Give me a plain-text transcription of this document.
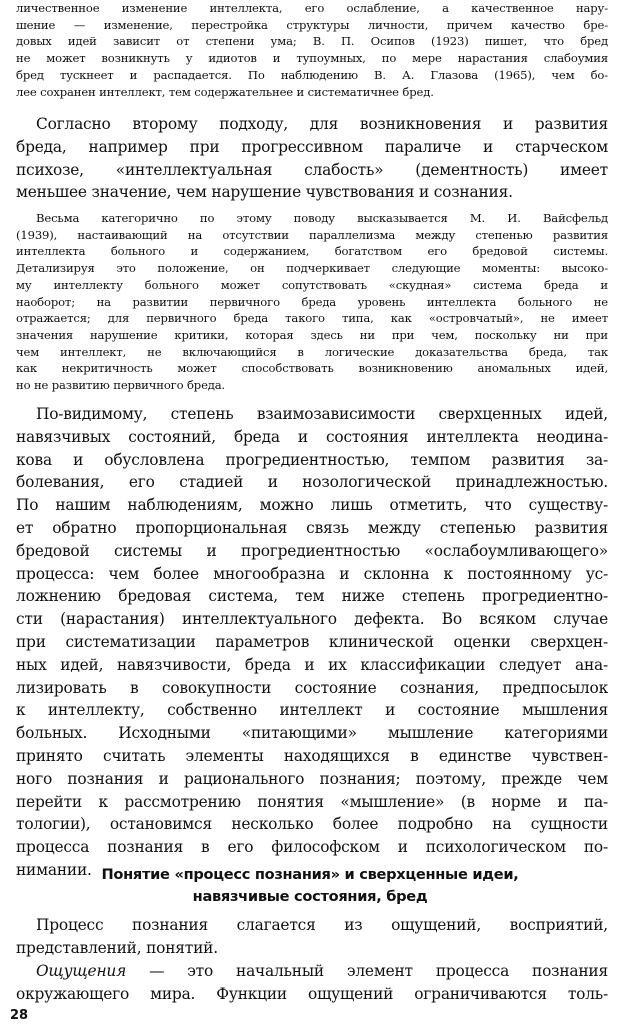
личественное изменение интеллекта, его ослабление, а качественное нару-
шение — изменение, перестройка структуры личности, причем качество бре-
довых идей зависит от степени ума; В. П. Осипов (1923) пишет, что бред
не может возникнуть у идиотов и тупоумных, по мере нарастания слабоумия
бред тускнеет и распадается. По наблюдению В. А. Глазова (1965), чем бо-
лее сохранен интеллект, тем содержательнее и систематичнее бред.
Согласно второму подходу, для возникновения и развития
бреда, например при прогрессивном параличе и старческом
психозе, «интеллектуальная слабость» (дементность) имеет
меньшее значение, чем нарушение чувствования и сознания.
Весьма категорично по этому поводу высказывается М. И. Вайсфельд
(1939), настаивающий на отсутствии параллелизма между степенью развития
интеллекта больного и содержанием, богатством его бредовой системы.
Детализируя это положение, он подчеркивает следующие моменты: высоко-
му интеллекту больного может сопутствовать «скудная» система бреда и
наоборот; на развитии первичного бреда уровень интеллекта больного не
отражается; для первичного бреда такого типа, как «островчатый», не имеет
значения нарушение критики, которая здесь ни при чем, поскольку ни при
чем интеллект, не включающийся в логические доказательства бреда, так
как некритичность может способствовать возникновению аномальных идей,
но не развитию первичного бреда.
По-видимому, степень взаимозависимости сверхценных идей,
навязчивых состояний, бреда и состояния интеллекта неодина-
кова и обусловлена прогредиентностью, темпом развития за-
болевания, его стадией и нозологической принадлежностью.
По нашим наблюдениям, можно лишь отметить, что существу-
ет обратно пропорциональная связь между степенью развития
бредовой системы и прогредиентностью «ослабоумливающего»
процесса: чем более многообразна и склонна к постоянному ус-
ложнению бредовая система, тем ниже степень прогредиентно-
сти (нарастания) интеллектуального дефекта. Во всяком случае
при систематизации параметров клинической оценки сверхцен-
ных идей, навязчивости, бреда и их классификации следует ана-
лизировать в совокупности состояние сознания, предпосылок
к интеллекту, собственно интеллект и состояние мышления
больных. Исходными «питающими» мышление категориями
принято считать элементы находящихся в единстве чувствен-
ного познания и рационального познания; поэтому, прежде чем
перейти к рассмотрению понятия «мышление» (в норме и па-
тологии), остановимся несколько более подробно на сущности
процесса познания в его философском и психологическом по-
нимании. Понятие «процесс познания» и сверхценные идеи,
навязчивые состояния, бред
Процесс познания слагается из ощущений, восприятий,
представлений, понятий.
Ощущения — это начальный элемент процесса познания
окружающего мира. Функции ощущений ограничиваются толь-
28
